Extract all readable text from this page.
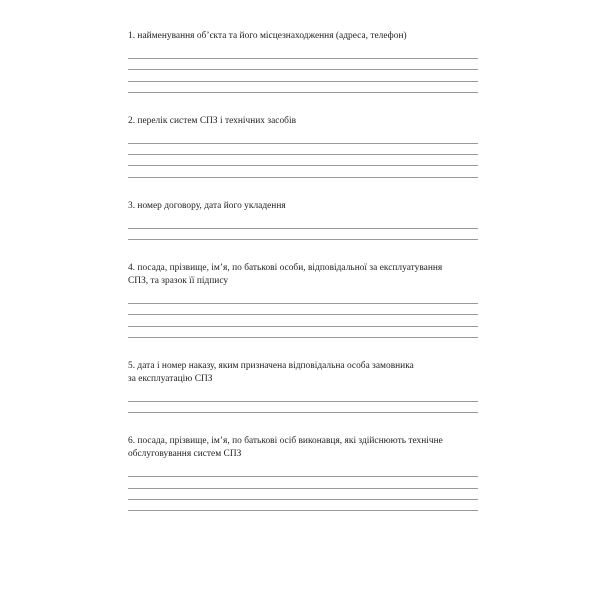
1. найменування об’єкта та його місцезнаходження (адреса, телефон)

2. перелік систем СПЗ і технічних засобів

3. номер договору, дата його укладення

4. посада, прізвище, ім’я, по батькові особи, відповідальної за експлуатування
СПЗ, та зразок її підпису

5. дата і номер наказу, яким призначена відповідальна особа замовника
за експлуатацію СПЗ

6. посада, прізвище, ім’я, по батькові осіб виконавця, які здійснюють технічне
обслуговування систем СПЗ
